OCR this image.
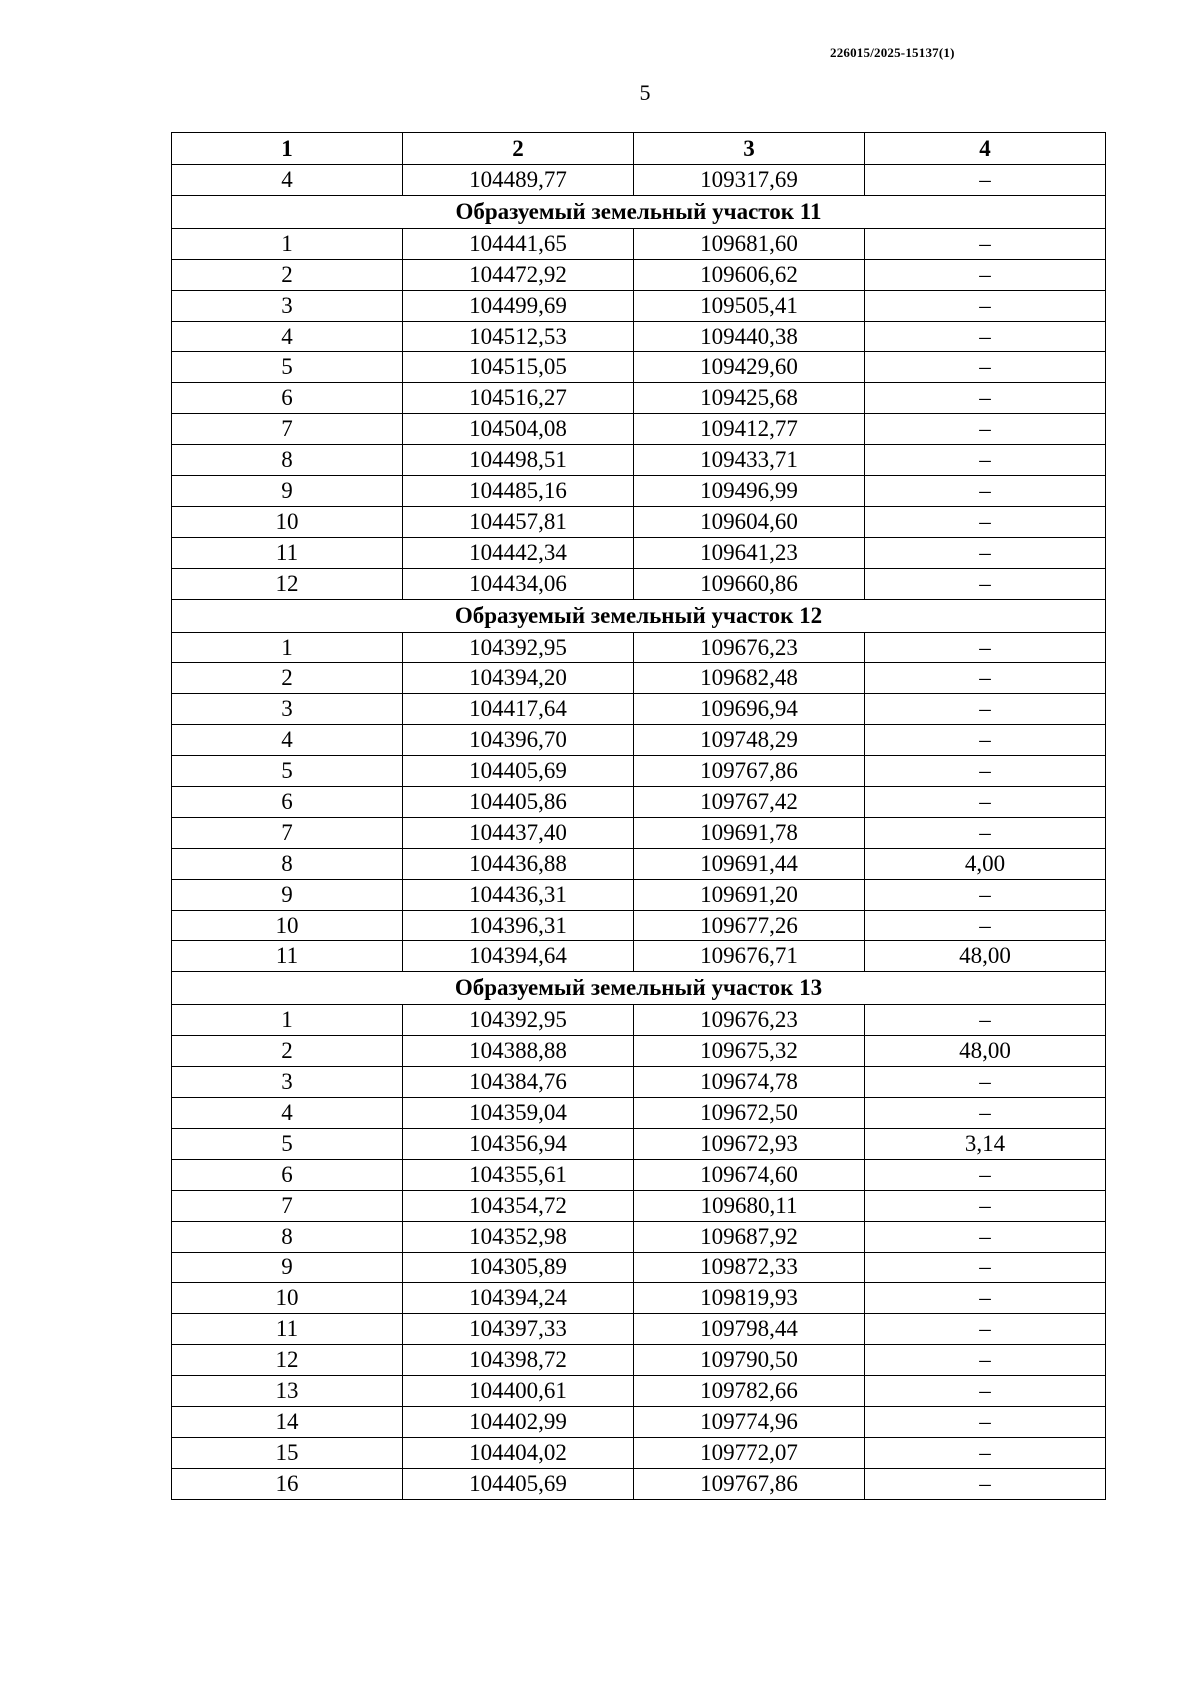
226015/2025-15137(1)
5
1	2	3	4
4	104489,77	109317,69	–
Образуемый земельный участок 11			
1	104441,65	109681,60	–
2	104472,92	109606,62	–
3	104499,69	109505,41	–
4	104512,53	109440,38	–
5	104515,05	109429,60	–
6	104516,27	109425,68	–
7	104504,08	109412,77	–
8	104498,51	109433,71	–
9	104485,16	109496,99	–
10	104457,81	109604,60	–
11	104442,34	109641,23	–
12	104434,06	109660,86	–
Образуемый земельный участок 12			
1	104392,95	109676,23	–
2	104394,20	109682,48	–
3	104417,64	109696,94	–
4	104396,70	109748,29	–
5	104405,69	109767,86	–
6	104405,86	109767,42	–
7	104437,40	109691,78	–
8	104436,88	109691,44	4,00
9	104436,31	109691,20	–
10	104396,31	109677,26	–
11	104394,64	109676,71	48,00
Образуемый земельный участок 13			
1	104392,95	109676,23	–
2	104388,88	109675,32	48,00
3	104384,76	109674,78	–
4	104359,04	109672,50	–
5	104356,94	109672,93	3,14
6	104355,61	109674,60	–
7	104354,72	109680,11	–
8	104352,98	109687,92	–
9	104305,89	109872,33	–
10	104394,24	109819,93	–
11	104397,33	109798,44	–
12	104398,72	109790,50	–
13	104400,61	109782,66	–
14	104402,99	109774,96	–
15	104404,02	109772,07	–
16	104405,69	109767,86	–
